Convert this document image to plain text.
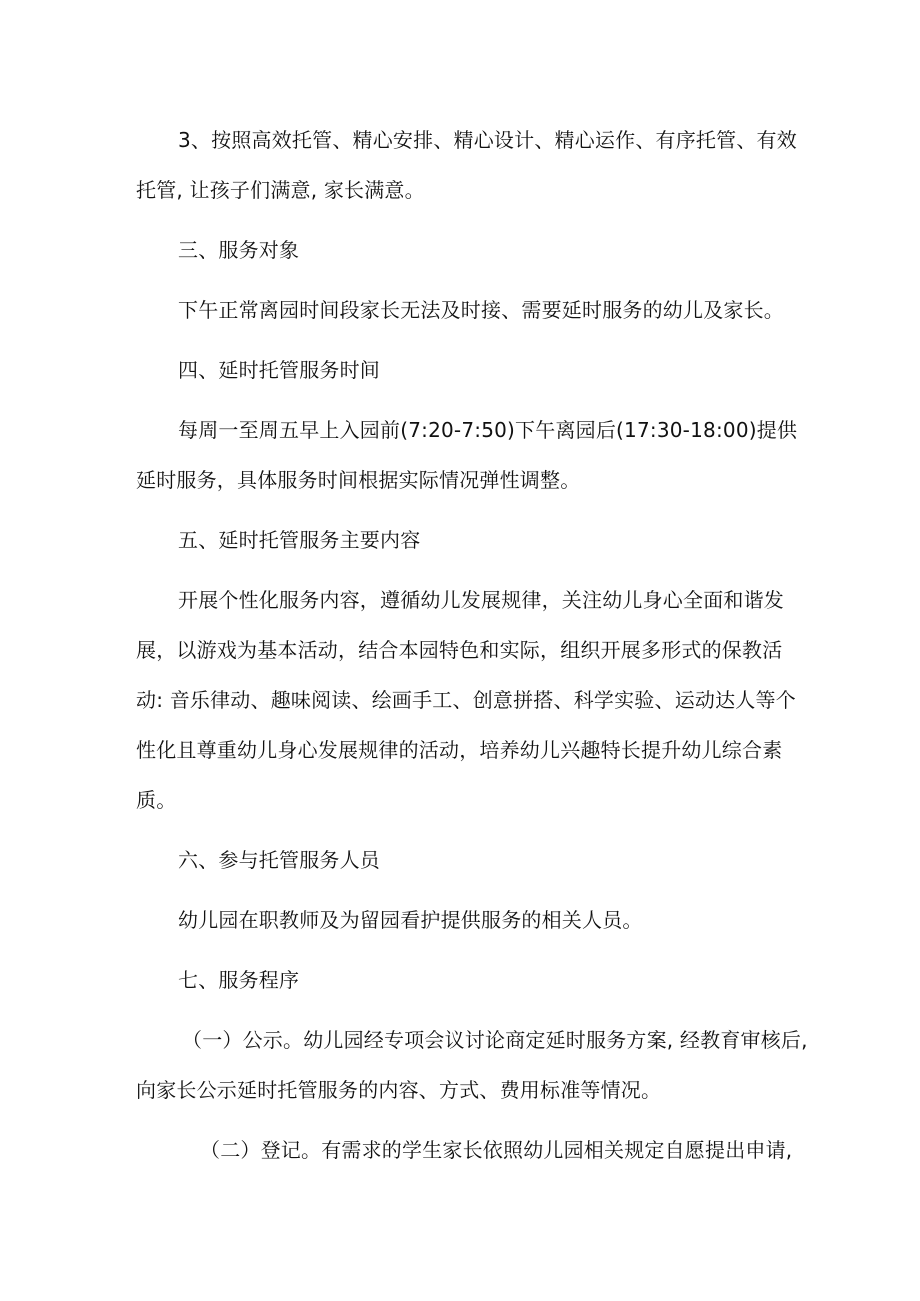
3、按照高效托管、精心安排、精心设计、精心运作、有序托管、有效

托管, 让孩子们满意, 家长满意。

三、服务对象

下午正常离园时间段家长无法及时接、需要延时服务的幼儿及家长。

四、延时托管服务时间

每周一至周五早上入园前(7:20-7:50)下午离园后(17:30-18:00)提供

延时服务，具体服务时间根据实际情况弹性调整。

五、延时托管服务主要内容

开展个性化服务内容，遵循幼儿发展规律，关注幼儿身心全面和谐发

展，以游戏为基本活动，结合本园特色和实际，组织开展多形式的保教活

动: 音乐律动、趣味阅读、绘画手工、创意拼搭、科学实验、运动达人等个

性化且尊重幼儿身心发展规律的活动，培养幼儿兴趣特长提升幼儿综合素

质。

六、参与托管服务人员

幼儿园在职教师及为留园看护提供服务的相关人员。

七、服务程序

（一）公示。幼儿园经专项会议讨论商定延时服务方案, 经教育审核后,

向家长公示延时托管服务的内容、方式、费用标准等情况。

（二）登记。有需求的学生家长依照幼儿园相关规定自愿提出申请,
